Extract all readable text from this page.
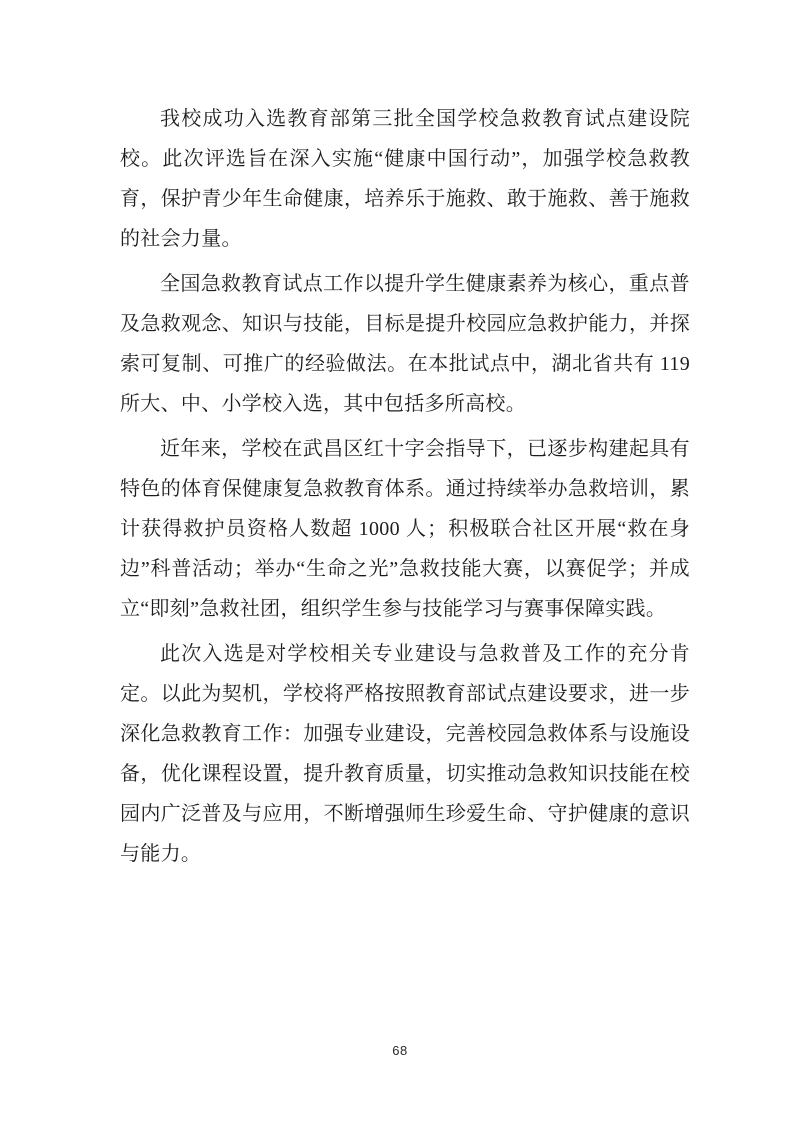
我校成功入选教育部第三批全国学校急救教育试点建设院校。此次评选旨在深入实施“健康中国行动”，加强学校急救教育，保护青少年生命健康，培养乐于施救、敢于施救、善于施救的社会力量。

全国急救教育试点工作以提升学生健康素养为核心，重点普及急救观念、知识与技能，目标是提升校园应急救护能力，并探索可复制、可推广的经验做法。在本批试点中，湖北省共有 119 所大、中、小学校入选，其中包括多所高校。

近年来，学校在武昌区红十字会指导下，已逐步构建起具有特色的体育保健康复急救教育体系。通过持续举办急救培训，累计获得救护员资格人数超 1000 人；积极联合社区开展“救在身边”科普活动；举办“生命之光”急救技能大赛，以赛促学；并成立“即刻”急救社团，组织学生参与技能学习与赛事保障实践。

此次入选是对学校相关专业建设与急救普及工作的充分肯定。以此为契机，学校将严格按照教育部试点建设要求，进一步深化急救教育工作：加强专业建设，完善校园急救体系与设施设备，优化课程设置，提升教育质量，切实推动急救知识技能在校园内广泛普及与应用，不断增强师生珍爱生命、守护健康的意识与能力。

68
